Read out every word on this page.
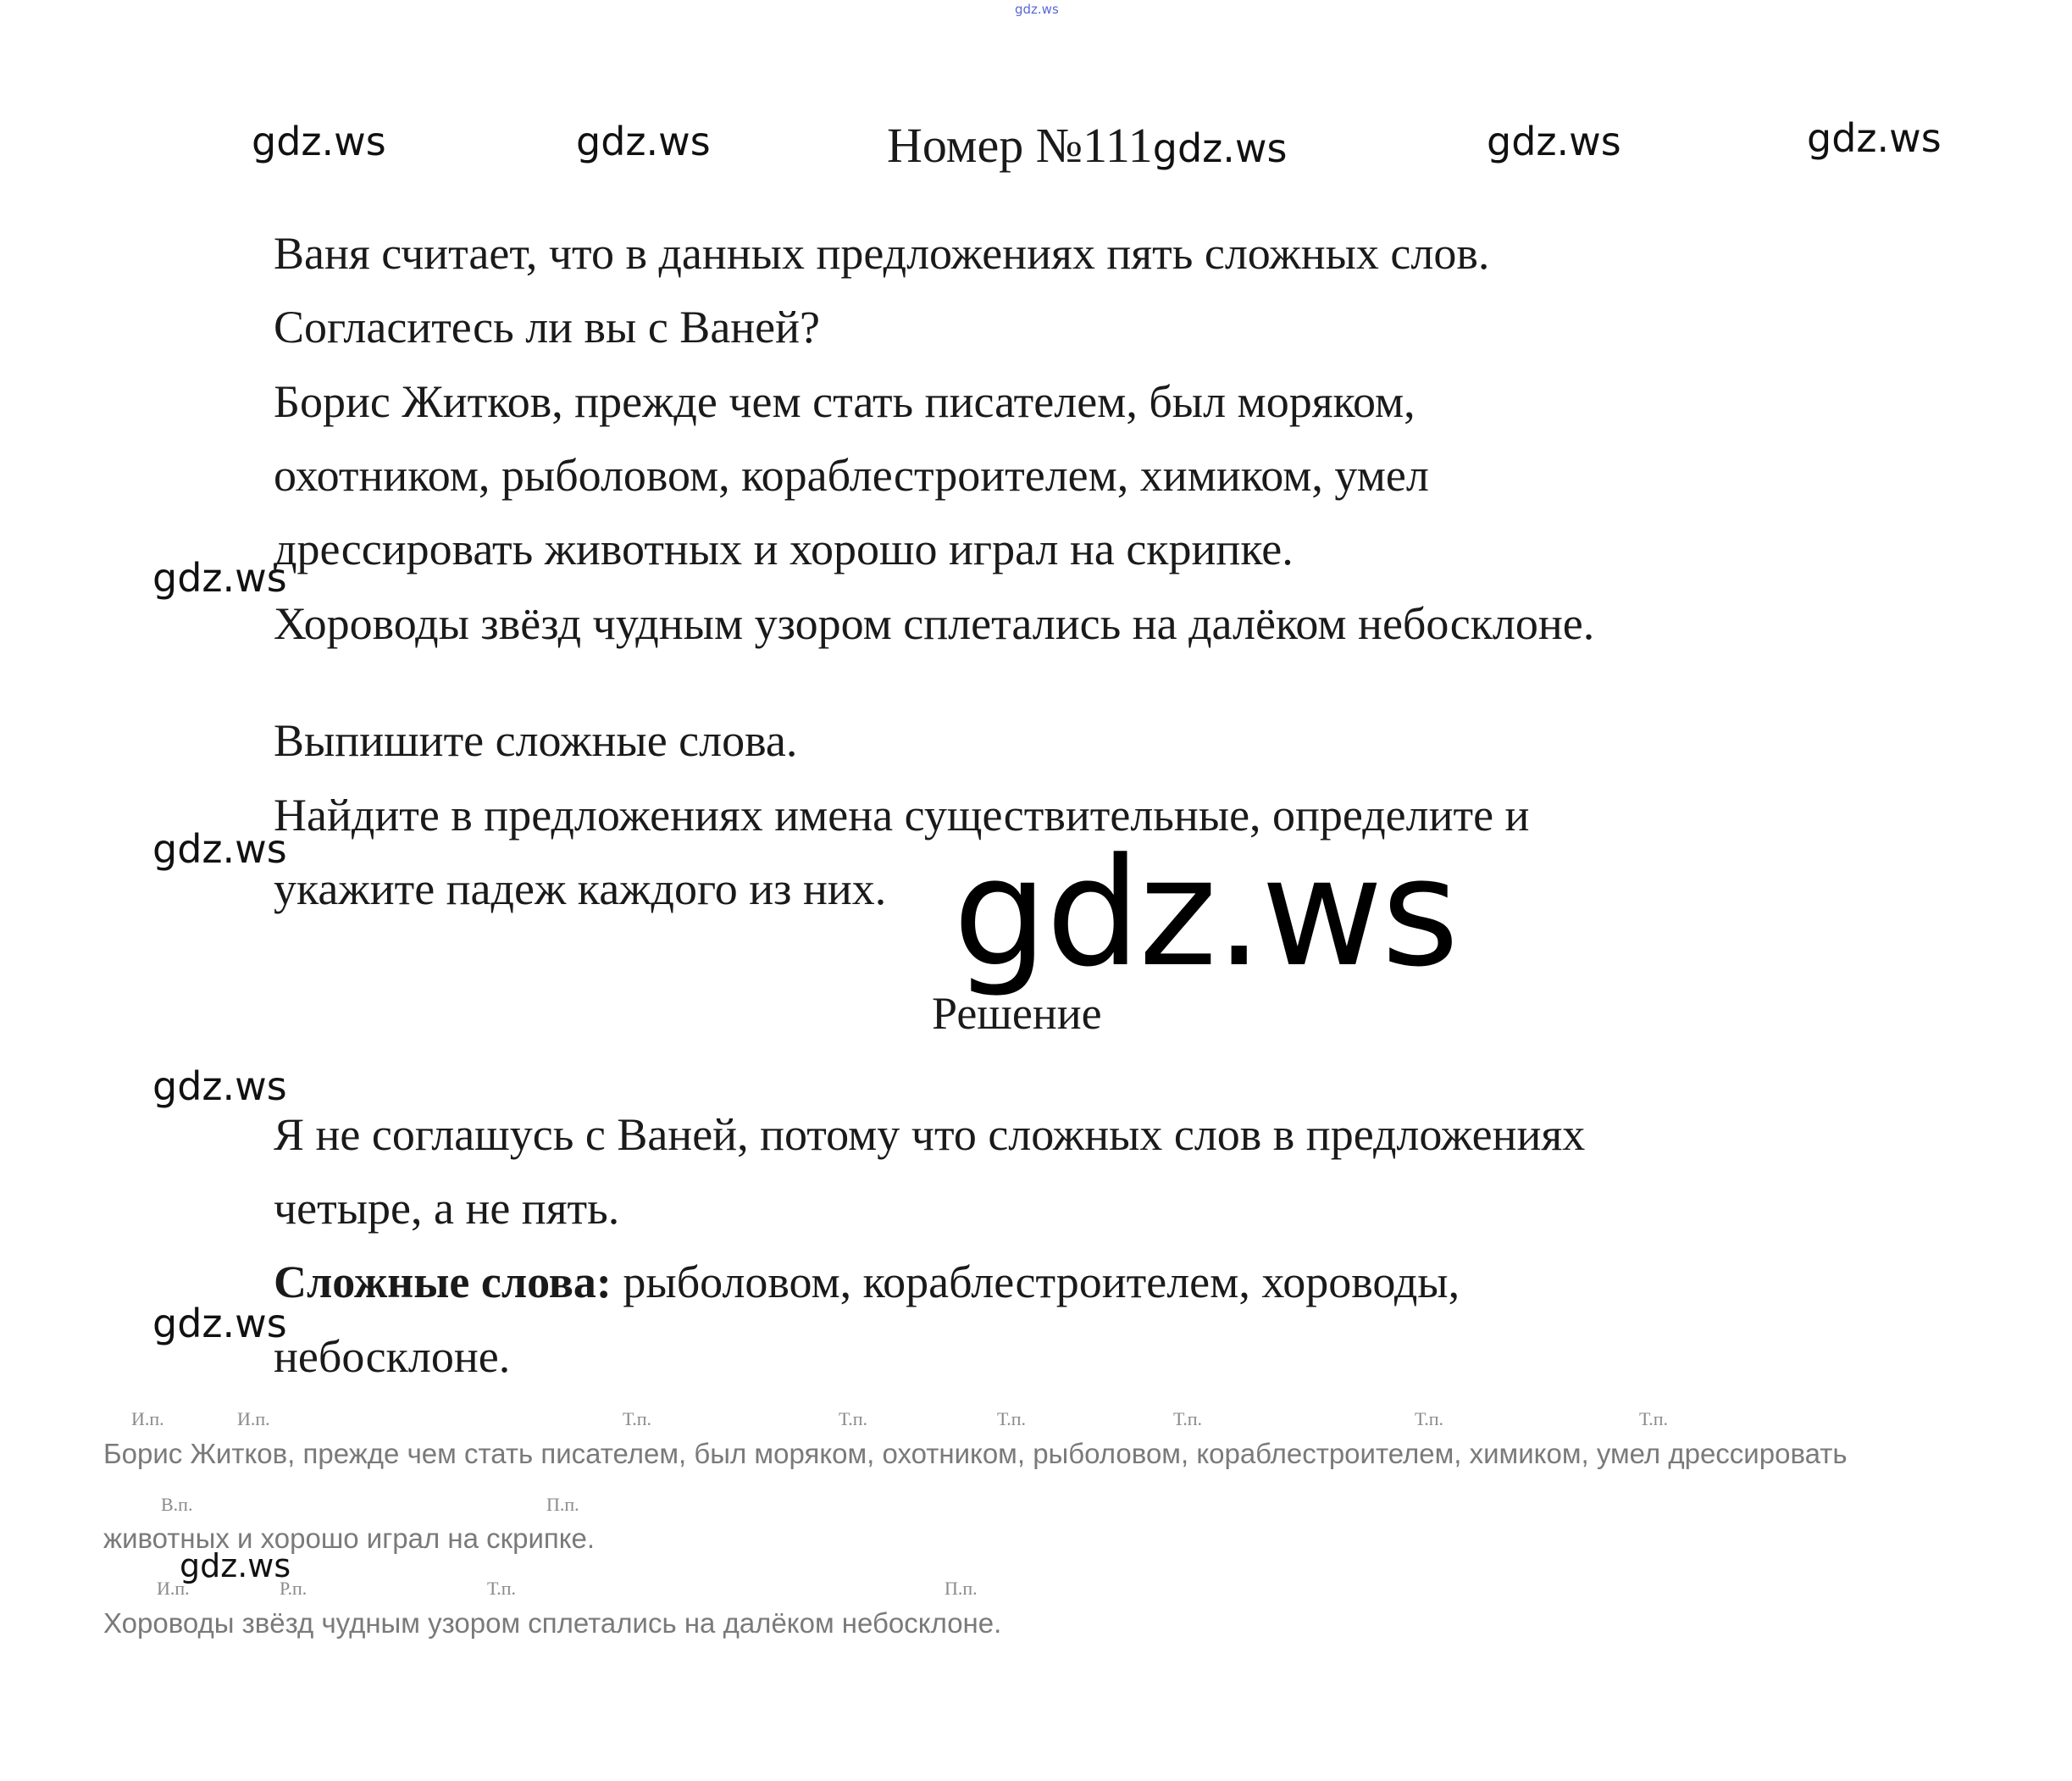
gdz.ws
gdz.ws	gdz.ws	gdz.ws	gdz.ws
Номер №111gdz.ws
Ваня считает, что в данных предложениях пять сложных слов.
Согласитесь ли вы с Ваней?
Борис Житков, прежде чем стать писателем, был моряком,
охотником, рыболовом, кораблестроителем, химиком, умел
дрессировать животных и хорошо играл на скрипке.
Хороводы звёзд чудным узором сплетались на далёком небосклоне.
Выпишите сложные слова.
Найдите в предложениях имена существительные, определите и
укажите падеж каждого из них.
gdz.ws
gdz.ws
gdz.ws
gdz.ws
gdz.ws
gdz.ws
Решение
Я не соглашусь с Ваней, потому что сложных слов в предложениях
четыре, а не пять.
Сложные слова: рыболовом, кораблестроителем, хороводы,
небосклоне.
И.п.	И.п.	Т.п.	Т.п.	Т.п.	Т.п.	Т.п.	Т.п.
Борис Житков, прежде чем стать писателем, был моряком, охотником, рыболовом, кораблестроителем, химиком, умел дрессировать
В.п.	П.п.
животных и хорошо играл на скрипке.
И.п.	Р.п.	Т.п.	П.п.
Хороводы звёзд чудным узором сплетались на далёком небосклоне.
